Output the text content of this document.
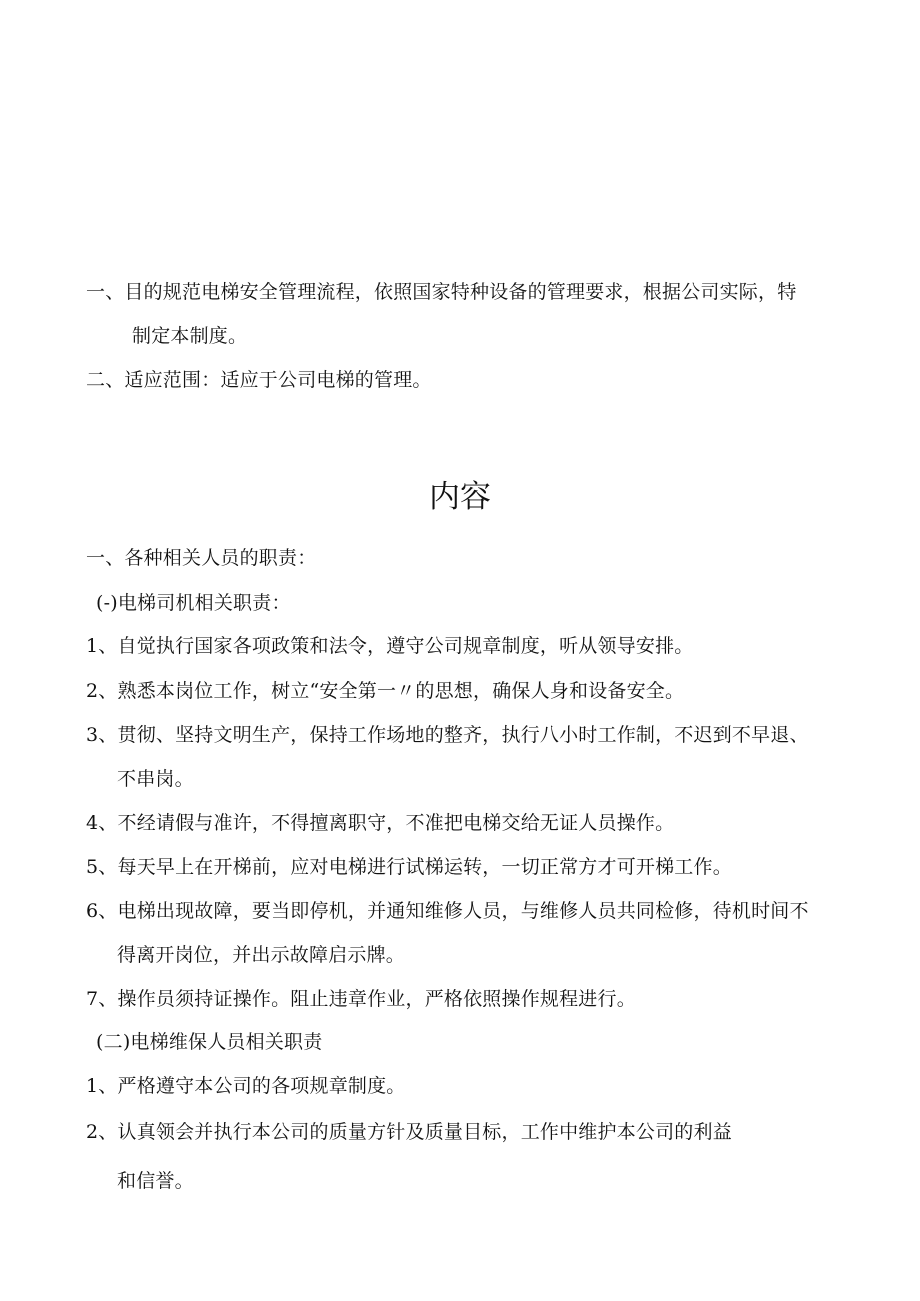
一、目的规范电梯安全管理流程，依照国家特种设备的管理要求，根据公司实际，特
制定本制度。
二、适应范围：适应于公司电梯的管理。
内容
一、各种相关人员的职责：
(-)电梯司机相关职责：
1、自觉执行国家各项政策和法令，遵守公司规章制度，听从领导安排。
2、熟悉本岗位工作，树立“安全第一〃的思想，确保人身和设备安全。
3、贯彻、坚持文明生产，保持工作场地的整齐，执行八小时工作制，不迟到不早退、
不串岗。
4、不经请假与准许，不得擅离职守，不准把电梯交给无证人员操作。
5、每天早上在开梯前，应对电梯进行试梯运转，一切正常方才可开梯工作。
6、电梯出现故障，要当即停机，并通知维修人员，与维修人员共同检修，待机时间不
得离开岗位，并出示故障启示牌。
7、操作员须持证操作。阻止违章作业，严格依照操作规程进行。
(二)电梯维保人员相关职责
1、严格遵守本公司的各项规章制度。
2、认真领会并执行本公司的质量方针及质量目标，工作中维护本公司的利益
和信誉。
